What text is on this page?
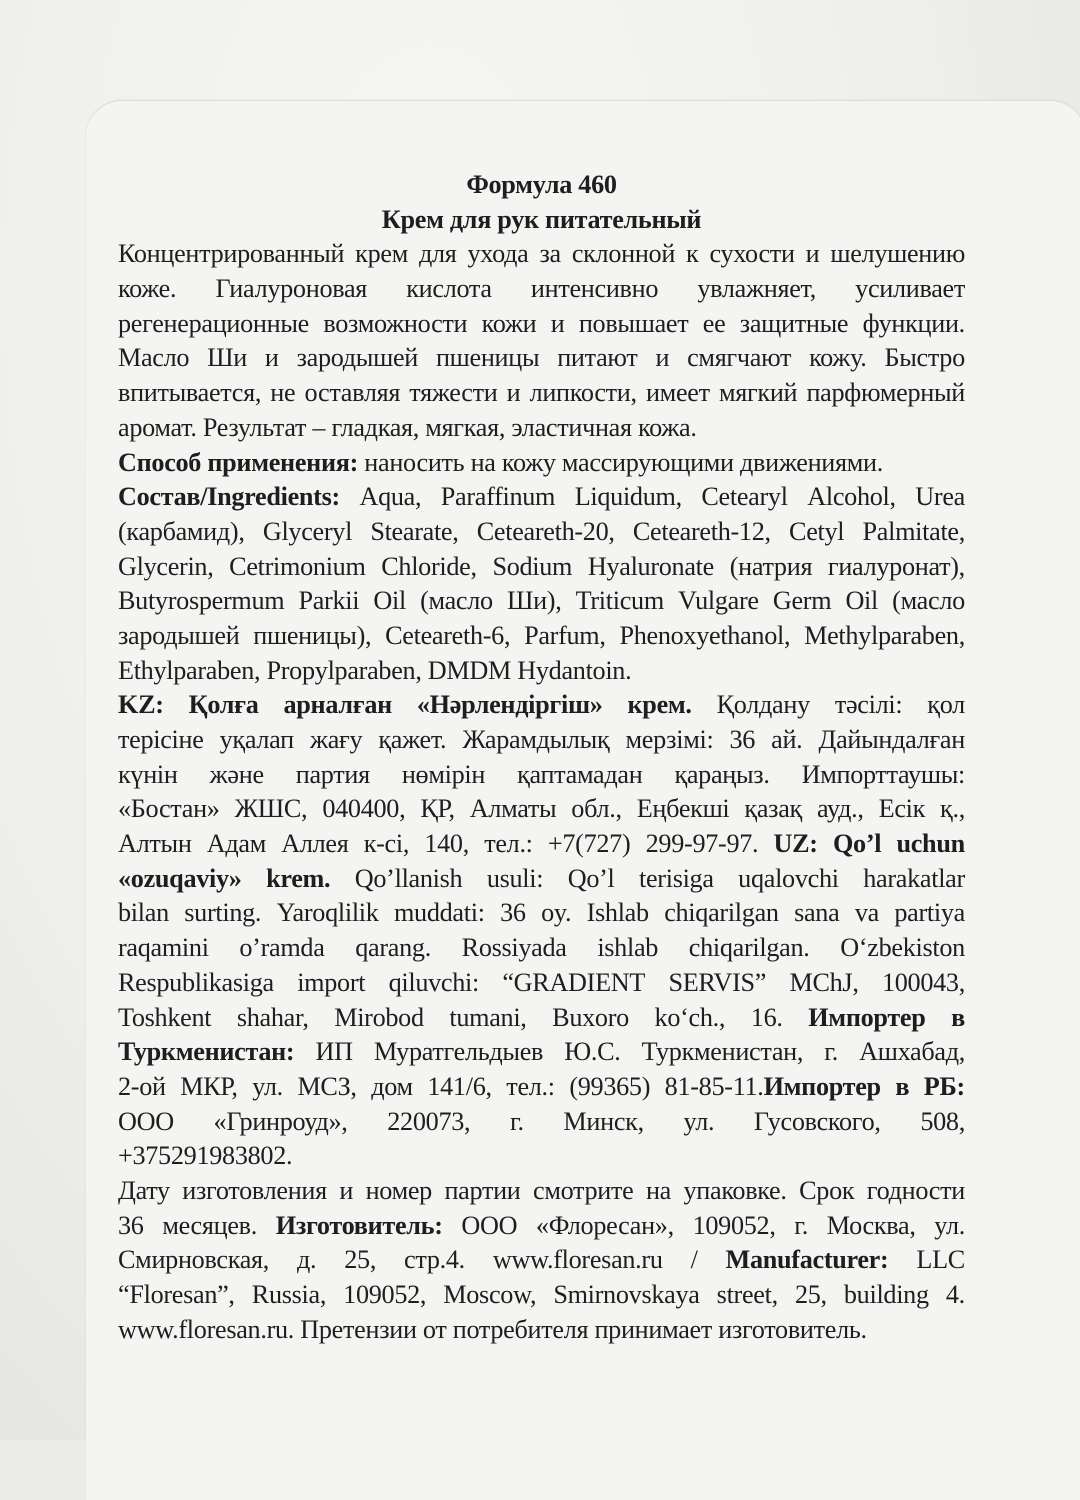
Формула 460
Крем для рук питательный
Концентрированный крем для ухода за склонной к сухости и шелушению
коже. Гиалуроновая кислота интенсивно увлажняет, усиливает
регенерационные возможности кожи и повышает ее защитные функции.
Масло Ши и зародышей пшеницы питают и смягчают кожу. Быстро
впитывается, не оставляя тяжести и липкости, имеет мягкий парфюмерный
аромат. Результат – гладкая, мягкая, эластичная кожа.
Способ применения: наносить на кожу массирующими движениями.
Состав/Ingredients: Aqua, Paraffinum Liquidum, Cetearyl Alcohol, Urea
(карбамид), Glyceryl Stearate, Ceteareth-20, Ceteareth-12, Cetyl Palmitate,
Glycerin, Cetrimonium Chloride, Sodium Hyaluronate (натрия гиалуронат),
Butyrospermum Parkii Oil (масло Ши), Triticum Vulgare Germ Oil (масло
зародышей пшеницы), Ceteareth-6, Parfum, Phenoxyethanol, Methylparaben,
Ethylparaben, Propylparaben, DMDM Hydantoin.
KZ: Қолға арналған «Нәрлендіргіш» крем. Қолдану тәсілі: қол
терісіне уқалап жағу қажет. Жарамдылық мерзімі: 36 ай. Дайындалған
күнін және партия нөмірін қаптамадан қараңыз. Импорттаушы:
«Бостан» ЖШС, 040400, ҚР, Алматы обл., Еңбекші қазақ ауд., Есік қ.,
Алтын Адам Аллея к-сі, 140, тел.: +7(727) 299-97-97. UZ: Qo’l uchun
«ozuqaviy» krem. Qo’llanish usuli: Qo’l terisiga uqalovchi harakatlar
bilan surting. Yaroqlilik muddati: 36 oy. Ishlab chiqarilgan sana va partiya
raqamini o’ramda qarang. Rossiyada ishlab chiqarilgan. O‘zbekiston
Respublikasiga import qiluvchi: “GRADIENT SERVIS” MChJ, 100043,
Toshkent shahar, Mirobod tumani, Buxoro ko‘ch., 16. Импортер в
Туркменистан: ИП Муратгельдыев Ю.С. Туркменистан, г. Ашхабад,
2-ой МКР, ул. МСЗ, дом 141/6, тел.: (99365) 81-85-11.Импортер в РБ:
ООО «Гринроуд», 220073, г. Минск, ул. Гусовского, 508,
+375291983802.
Дату изготовления и номер партии смотрите на упаковке. Срок годности
36 месяцев. Изготовитель: ООО «Флоресан», 109052, г. Москва, ул.
Смирновская, д. 25, стр.4. www.floresan.ru / Manufacturer: LLC
“Floresan”, Russia, 109052, Moscow, Smirnovskaya street, 25, building 4.
www.floresan.ru. Претензии от потребителя принимает изготовитель.
